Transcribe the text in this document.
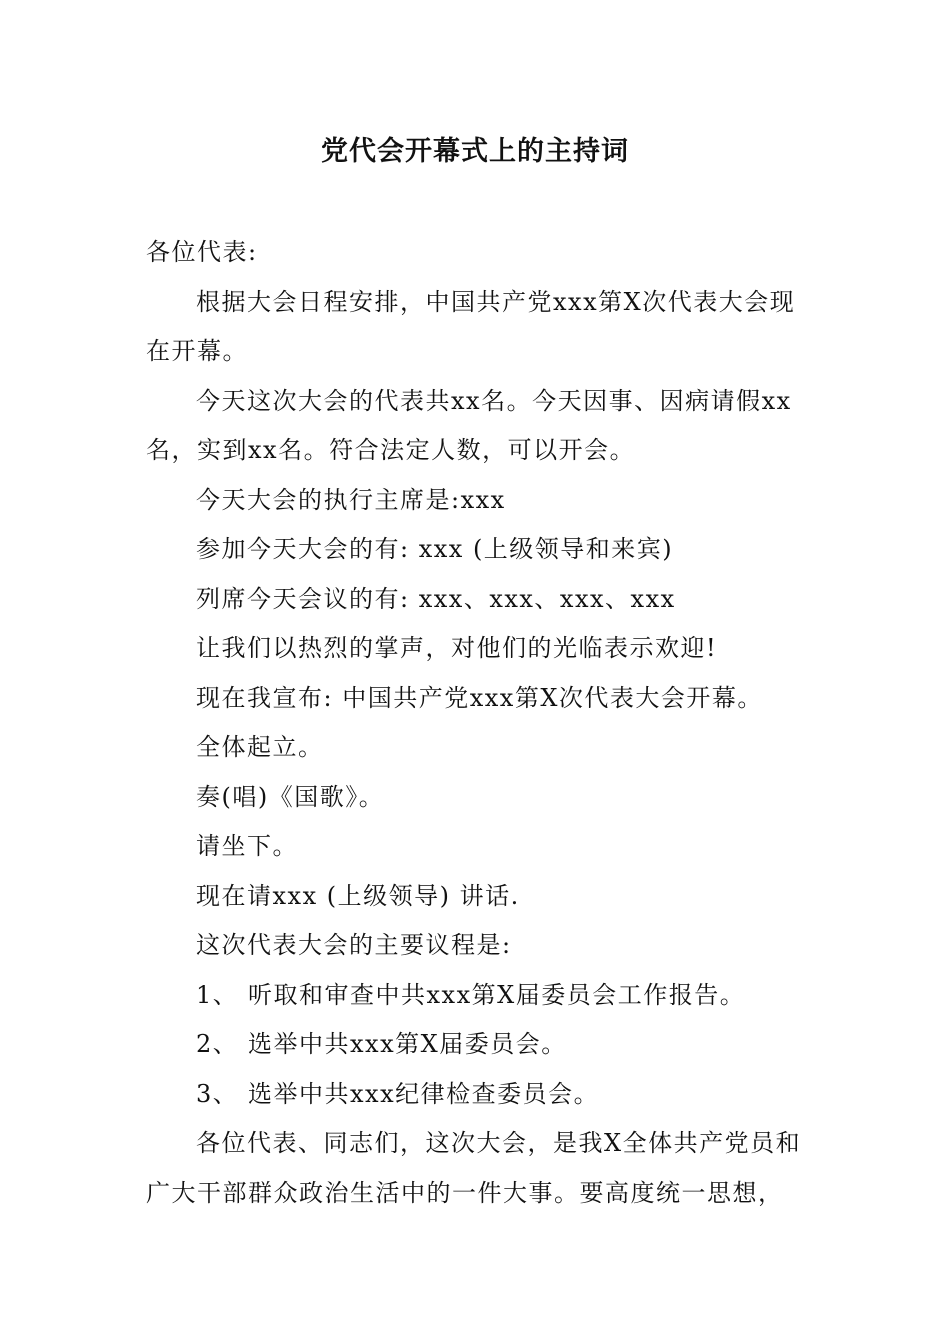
党代会开幕式上的主持词

各位代表:

根据大会日程安排，中国共产党xxx第X次代表大会现在开幕。

今天这次大会的代表共xx名。今天因事、因病请假xx名，实到xx名。符合法定人数，可以开会。

今天大会的执行主席是:xxx

参加今天大会的有: xxx (上级领导和来宾)

列席今天会议的有: xxx、xxx、xxx、xxx

让我们以热烈的掌声，对他们的光临表示欢迎!

现在我宣布: 中国共产党xxx第X次代表大会开幕。

全体起立。

奏(唱)《国歌》。

请坐下。

现在请xxx (上级领导) 讲话.

这次代表大会的主要议程是:

1、 听取和审查中共xxx第X届委员会工作报告。

2、 选举中共xxx第X届委员会。

3、 选举中共xxx纪律检查委员会。

各位代表、同志们，这次大会，是我X全体共产党员和广大干部群众政治生活中的一件大事。要高度统一思想，
